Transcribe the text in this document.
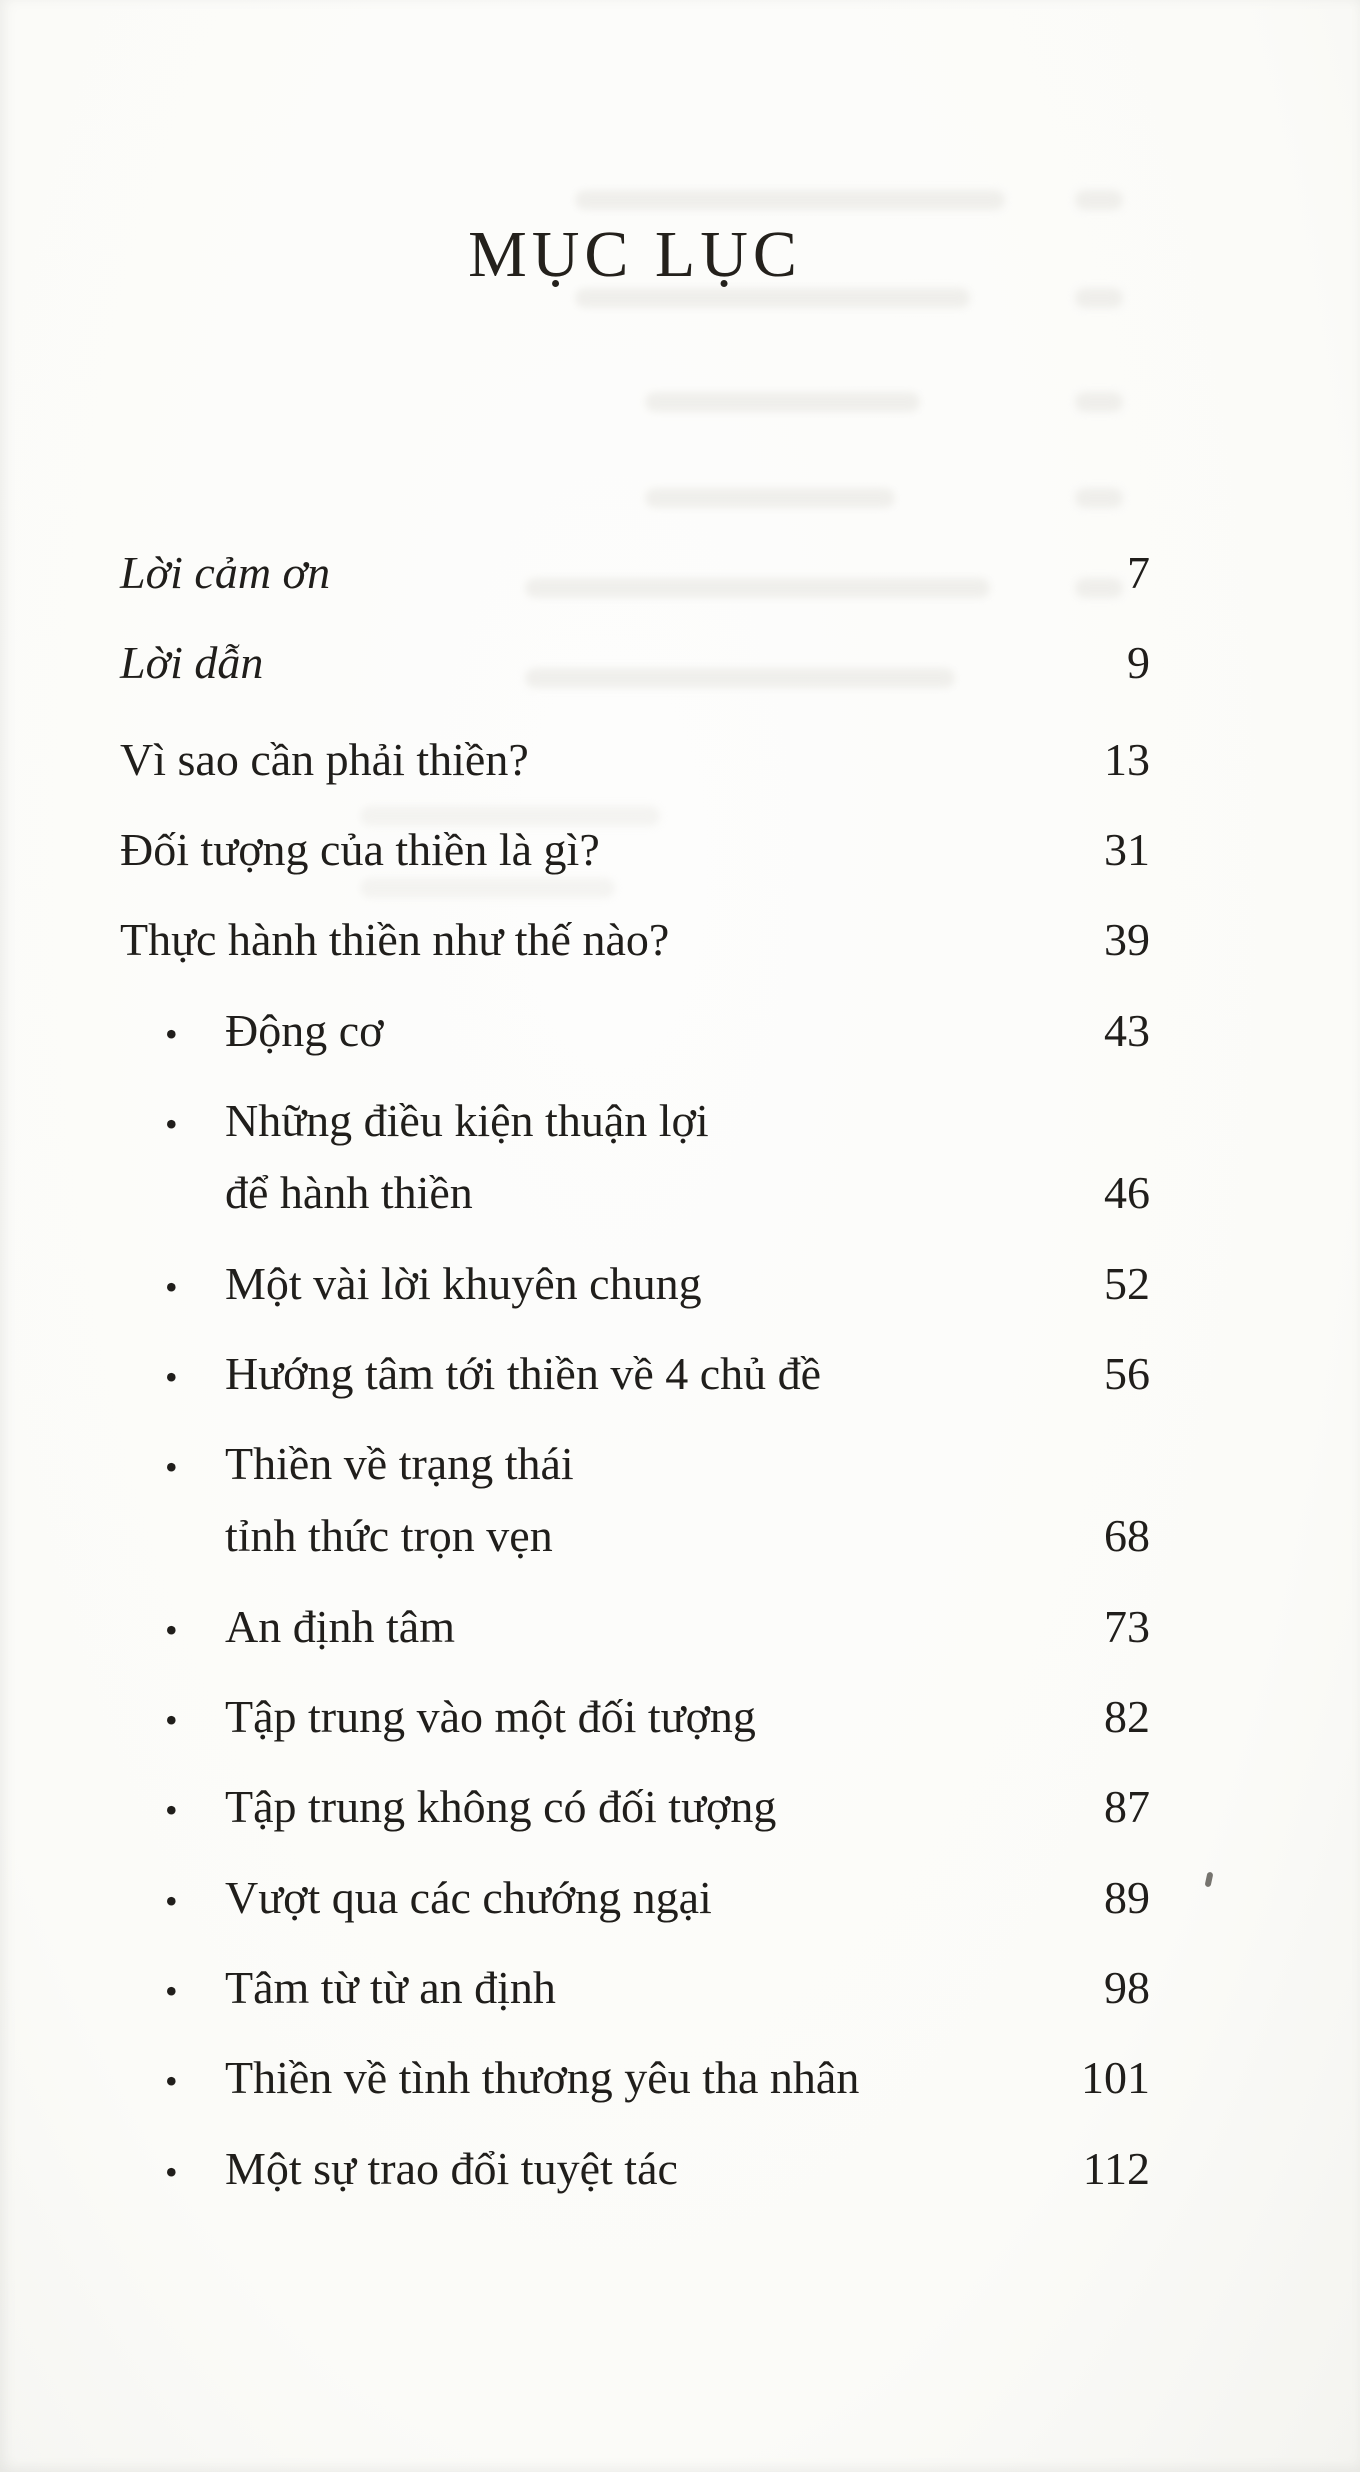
MỤC LỤC
Lời cảm ơn	7
Lời dẫn	9
Vì sao cần phải thiền?	13
Đối tượng của thiền là gì?	31
Thực hành thiền như thế nào?	39
• Động cơ	43
• Những điều kiện thuận lợi
để hành thiền	46
• Một vài lời khuyên chung	52
• Hướng tâm tới thiền về 4 chủ đề	56
• Thiền về trạng thái
tỉnh thức trọn vẹn	68
• An định tâm	73
• Tập trung vào một đối tượng	82
• Tập trung không có đối tượng	87
• Vượt qua các chướng ngại	89
• Tâm từ từ an định	98
• Thiền về tình thương yêu tha nhân	101
• Một sự trao đổi tuyệt tác	112
